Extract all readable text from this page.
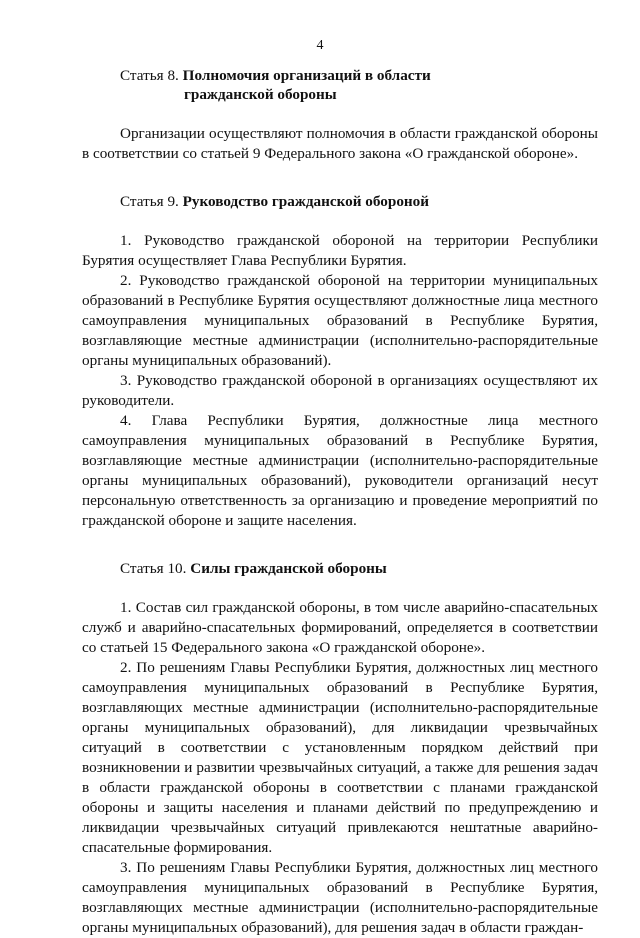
4
Статья 8. Полномочия организаций в области
гражданской обороны

Организации осуществляют полномочия в области гражданской обороны в соответствии со статьей 9 Федерального закона «О гражданской обороне».

Статья 9. Руководство гражданской обороной

1. Руководство гражданской обороной на территории Республики Бурятия осуществляет Глава Республики Бурятия.

2. Руководство гражданской обороной на территории муниципальных образований в Республике Бурятия осуществляют должностные лица местного самоуправления муниципальных образований в Республике Бурятия, возглавляющие местные администрации (исполнительно-распорядительные органы муниципальных образований).

3. Руководство гражданской обороной в организациях осуществляют их руководители.

4. Глава Республики Бурятия, должностные лица местного самоуправления муниципальных образований в Республике Бурятия, возглавляющие местные администрации (исполнительно-распорядительные органы муниципальных образований), руководители организаций несут персональную ответственность за организацию и проведение мероприятий по гражданской обороне и защите населения.

Статья 10. Силы гражданской обороны

1. Состав сил гражданской обороны, в том числе аварийно-спасательных служб и аварийно-спасательных формирований, определяется в соответствии со статьей 15 Федерального закона «О гражданской обороне».

2. По решениям Главы Республики Бурятия, должностных лиц местного самоуправления муниципальных образований в Республике Бурятия, возглавляющих местные администрации (исполнительно-распорядительные органы муниципальных образований), для ликвидации чрезвычайных ситуаций в соответствии с установленным порядком действий при возникновении и развитии чрезвычайных ситуаций, а также для решения задач в области гражданской обороны в соответствии с планами гражданской обороны и защиты населения и планами действий по предупреждению и ликвидации чрезвычайных ситуаций привлекаются нештатные аварийно-спасательные формирования.

3. По решениям Главы Республики Бурятия, должностных лиц местного самоуправления муниципальных образований в Республике Бурятия, возглавляющих местные администрации (исполнительно-распорядительные органы муниципальных образований), для решения задач в области граждан-
